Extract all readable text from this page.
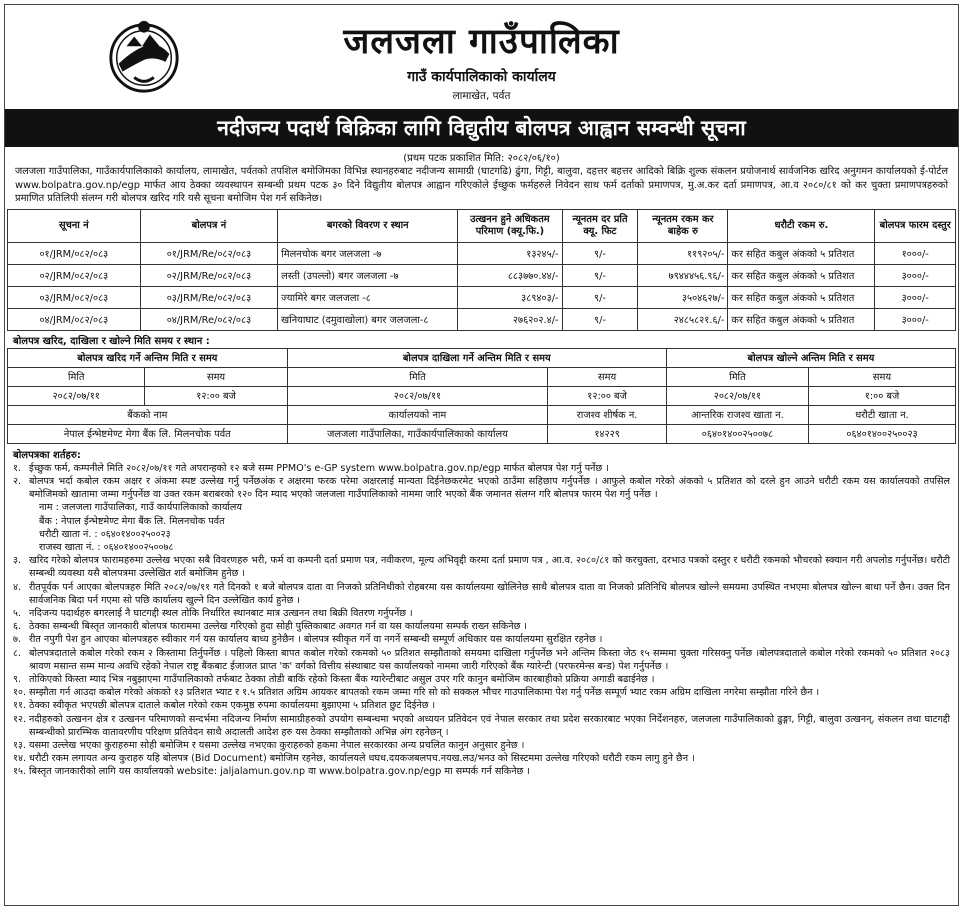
जलजला गाउँपालिका
गाउँ कार्यपालिकाको कार्यालय
लामाखेत, पर्वत
नदीजन्य पदार्थ बिक्रिका लागि विद्युतीय बोलपत्र आह्वान सम्वन्धी सूचना
(प्रथम पटक प्रकाशित मिति: २०८२/०६/१०)
जलजला गाउँपालिका, गाउँकार्यपालिकाको कार्यालय, लामाखेत, पर्वतको तपशिल बमोजिमका विभिन्न स्थानहरुबाट नदीजन्य सामाग्री (घाटगढि) ढुंगा, गिट्टी, बालुवा, दहत्तर बहत्तर आदिको बिक्रि शुल्क संकलन प्रयोजनार्थ सार्वजनिक खरिद अनुगमन कार्यालयको ई-पोर्टल www.bolpatra.gov.np/egp मार्फत आय ठेक्का व्यवस्थापन सम्बन्धी प्रथम पटक ३० दिने विद्युतीय बोलपत्र आह्वान गरिएकोले ईच्छुक फर्महरुले निवेदन साथ फर्म दर्ताको प्रमाणपत्र, मु.अ.कर दर्ता प्रमाणपत्र, आ.व २०८०/८१ को कर चुक्ता प्रमाणपत्रहरुको प्रमाणित प्रतिलिपी संलग्न गरी बोलपत्र खरिद गरि यसै सूचना बमोजिम पेश गर्न सकिनेछ।
सूचना नं	बोलपत्र नं	बगरको विवरण र स्थान	उत्खनन हुने अधिकतम परिमाण (क्यू.फि.)	न्यूनतम दर प्रति क्यू. फिट	न्यूनतम रकम कर बाहेक रु	धरौटी रकम रु.	बोलपत्र फारम दस्तुर
०१/JRM/०८२/०८३	०१/JRM/Re/०८२/०८३	मिलनचोक बगर जलजला -७	१३२४५/-	९/-	११९२०५/-	कर सहित कबुल अंकको ५ प्रतिशत	१०००/-
०२/JRM/०८२/०८३	०२/JRM/Re/०८२/०८३	लस्ती (उपल्लो) बगर जलजला -७	८८३७७०.४४/-	९/-	७९४४४५६.९६/-	कर सहित कबुल अंकको ५ प्रतिशत	३०००/-
०३/JRM/०८२/०८३	०३/JRM/Re/०८२/०८३	ज्यामिरे बगर जलजला -८	३८९४०३/-	९/-	३५०४६२७/-	कर सहित कबुल अंकको ५ प्रतिशत	३०००/-
०४/JRM/०८२/०८३	०४/JRM/Re/०८२/०८३	खनियाघाट (दमुवाखोला) बगर जलजला-८	२७६२०२.४/-	९/-	२४८५८२१.६/-	कर सहित कबुल अंकको ५ प्रतिशत	३०००/-
बोलपत्र खरिद, दाखिला र खोल्ने मिति समय र स्थान :
बोलपत्र खरिद गर्ने अन्तिम मिति र समय		बोलपत्र दाखिला गर्ने अन्तिम मिति र समय		बोलपत्र खोल्ने अन्तिम मिति र समय	
मिति	समय	मिति	समय	मिति	समय
२०८२/०७/११	१२:०० बजे	२०८२/०७/११	१२:०० बजे	२०८२/०७/११	१:०० बजे
बैंकको नाम		कार्यालयको नाम	राजश्व शीर्षक न.	आन्तरिक राजश्व खाता न.	धरौटी खाता न.
नेपाल ईन्भेष्टमेण्ट मेगा बैंक लि. मिलनचोक पर्वत		जलजला गाउँपालिका, गाउँकार्यपालिकाको कार्यालय	१४२२९	०६४०१४००२५००७८	०६४०१४००२५००२३
बोलपत्रका शर्तहरु:
१. ईच्छुक फर्म, कम्पनीले मिति २०८२/०७/११ गते अपरान्हको १२ बजे सम्म PPMO's e-GP system www.bolpatra.gov.np/egp मार्फत बोलपत्र पेश गर्नु पर्नेछ ।
२. बोलपत्र भर्दा कबोल रकम अक्षर र अंकमा स्पष्ट उल्लेख गर्नु पर्नेछअंक र अक्षरमा फरक परेमा अक्षरलाई मान्यता दिईनेछकरमेट भएको ठाउँमा सहिछाप गर्नुपर्नेछ । आफुले कबोल गरेको अंकको ५ प्रतिशत को दरले हुन आउने धरौटी रकम यस कार्यालयको तपसिल बमोजिमको खातामा जम्मा गर्नुपर्नेछ वा उक्त रकम बराबरको १२० दिन म्याद भएको जलजला गाउँपालिकाको नाममा जारि भएको बैंक जमानत संलग्न गरि बोलपत्र फारम पेश गर्नु पर्नेछ ।
नाम : जलजला गाउँपालिका, गाउँ कार्यपालिकाको कार्यालय
बैंक : नेपाल ईन्भेष्टमेण्ट मेगा बैंक लि. मिलनचोक पर्वत
धरौटी खाता नं. : ०६४०१४००२५००२३
राजस्व खाता नं. : ०६४०१४००२५००७८
३. खरिद गरेको बोलपत्र फारामहरुमा उल्लेख भएका सबै विवरणहरु भरी, फर्म वा कम्पनी दर्ता प्रमाण पत्र, नवीकरण, मूल्य अभिवृद्दी करमा दर्ता प्रमाण पत्र , आ.व. २०८०/८१ को करचुक्ता, दरभाउ पत्रको दस्तुर र धरौटी रकमको भौचरको स्क्यान गरी अपलोड गर्नुपर्नेछ। धरौटी सम्बन्धी व्यवस्था यसै बोलपत्रमा उल्लेखित शर्त बमोजिम हुनेछ ।
४. रीतपूर्वक पर्न आएका बोलपत्रहरु मिति २०८२/०७/११ गते दिनको १ बजे बोलपत्र दाता वा निजको प्रतिनिधीको रोहबरमा यस कार्यालयमा खोलिनेछ साथै बोलपत्र दाता वा निजको प्रतिनिधि बोलपत्र खोल्ने समयमा उपस्थित नभएमा बोलपत्र खोल्न बाधा पर्ने छैन। उक्त दिन सार्वजनिक बिदा पर्न गएमा सो पछि कार्यालय खुल्ने दिन उल्लेखित कार्य हुनेछ ।
५. नदिजन्य पदार्थहरु बगरलाई नै घाटगद्दी स्थल तोकि निर्धारित स्थानबाट मात्र उत्खनन तथा बिक्री वितरण गर्नुपर्नेछ ।
६. ठेक्का सम्बन्धी बिस्तृत जानकारी बोलपत्र फाराममा उल्लेख गरिएको हुदा सोही पुस्तिकाबाट अवगत गर्न वा यस कार्यालयमा सम्पर्क राख्न सकिनेछ ।
७. रीत नपुगी पेश हुन आएका बोलपत्रहरु स्वीकार गर्न यस कार्यालय बाध्य हुनेछैन । बोलपत्र स्वीकृत गर्ने वा नगर्ने सम्बन्धी सम्पूर्ण अधिकार यस कार्यालयमा सुरक्षित रहनेछ ।
८. बोलपत्रदाताले कबोल गरेको रकम २ किस्तामा तिर्नुपर्नेछ । पहिलो किस्ता बापत कबोल गरेको रकमको ५० प्रतिशत सम्झौताको समयमा दाखिला गर्नुपर्नेछ भने अन्तिम किस्ता जेठ १५ सम्ममा चुक्ता गरिसक्नु पर्नेछ ।बोलपत्रदाताले कबोल गरेको रकमको ५० प्रतिशत २०८३ श्रावण मसान्त सम्म मान्य अवधि रहेको नेपाल राष्ट्र बैंकबाट ईजाजत प्राप्त 'क' वर्गको वित्तीय संस्थाबाट यस कार्यालयको नाममा जारी गरिएको बैंक ग्यारेन्टी (परफरमेन्स बन्ड) पेश गर्नुपर्नेछ ।
९. तोकिएको किस्ता म्याद भित्र नबुझाएमा गाउँपालिकाको तर्फबाट ठेक्का तोडी बाकिं रहेको किस्ता बैंक ग्यारेन्टीबाट असुल उपर गरि कानुन बमोजिम कारबाहीको प्रक्रिया अगाडी बढाईनेछ ।
१०. सम्झौता गर्न आउदा कबोल गरेको अंकको १३ प्रतिशत भ्याट र १.५ प्रतिशत अग्रिम आयकर बापतको रकम जम्मा गरि सो को सक्कल भौचर गाउपालिकामा पेश गर्नु पर्नेछ सम्पूर्ण भ्याट रकम अग्रिम दाखिला नगरेमा सम्झौता गरिने छैन ।
११. ठेक्का स्वीकृत भएपछी बोलपत्र दाताले कबोल गरेको रकम एकमुष्ठ रुपमा कार्यालयमा बुझाएमा ५ प्रतिशत छुट दिईनेछ ।
१२. नदीहरुको उत्खनन क्षेत्र र उत्खनन परिमाणको सन्दर्भमा नदिजन्य निर्माण सामाग्रीहरुको उपयोग सम्बन्धमा भएको अध्ययन प्रतिवेदन एवं नेपाल सरकार तथा प्रदेश सरकारबाट भएका निर्देशनहरु, जलजला गाउँपालिकाको ढुङ्गा, गिट्टी, बालुवा उत्खनन्, संकलन तथा घाटगद्दी सम्बन्धीको प्रारम्भिक वातावरणीय परिक्षण प्रतिवेदन साथै अदालती आदेश हरु यस ठेक्का सम्झौताको अभिन्न अंग रहनेछन् ।
१३. यसमा उल्लेख भएका कुराहरुमा सोही बमोजिम र यसमा उल्लेख नभएका कुराहरुको हकमा नेपाल सरकारका अन्य प्रचलित कानुन अनुसार हुनेछ ।
१४. धरौटी रकम लगायत अन्य कुराहरु यहि बोलपत्र (Bid Document) बमोजिम रहनेछ, कार्यालयले धघध.दयकजबलपच.नयख.लउ/भनउ को सिस्टममा उल्लेख गरिएको धरौटी रकम लागु हुने छैन ।
१५. बिस्तृत जानकारीको लागि यस कार्यालयको website: jaljalamun.gov.np वा www.bolpatra.gov.np/egp मा सम्पर्क गर्न सकिनेछ ।
